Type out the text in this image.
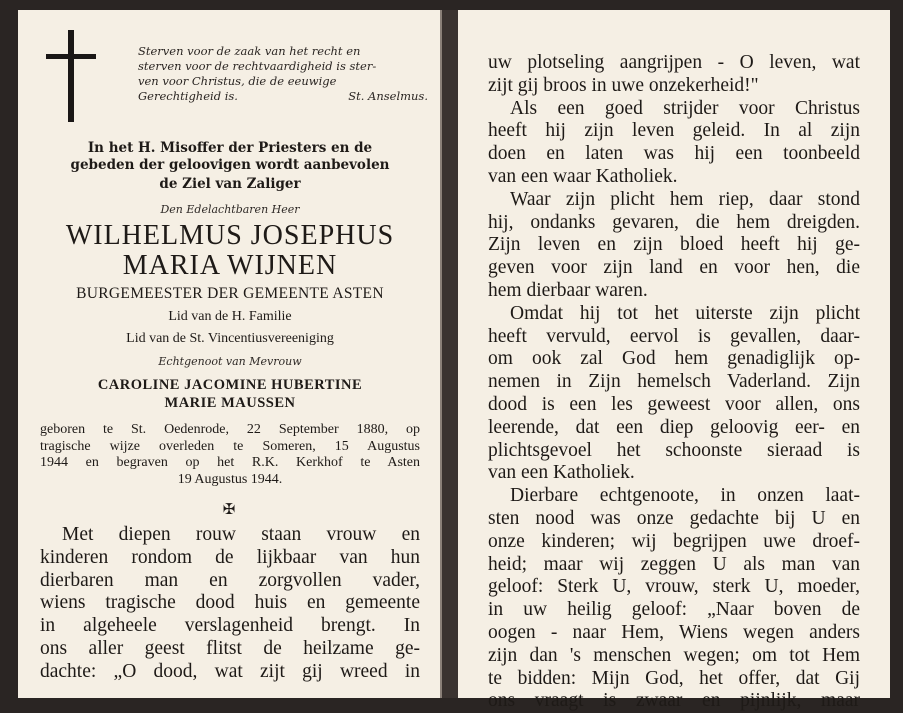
Sterven voor de zaak van het recht en
sterven voor de rechtvaardigheid is ster-
ven voor Christus, die de eeuwige
Gerechtigheid is.	St. Anselmus.
In het H. Misoffer der Priesters en de
gebeden der geloovigen wordt aanbevolen
de Ziel van Zaliger
Den Edelachtbaren Heer
WILHELMUS JOSEPHUS
MARIA WIJNEN
BURGEMEESTER DER GEMEENTE ASTEN
Lid van de H. Familie
Lid van de St. Vincentiusvereeniging
Echtgenoot van Mevrouw
CAROLINE JACOMINE HUBERTINE
MARIE MAUSSEN
geboren te St. Oedenrode, 22 September 1880, op
tragische wijze overleden te Someren, 15 Augustus
1944 en begraven op het R.K. Kerkhof te Asten
19 Augustus 1944.
✠
Met diepen rouw staan vrouw en
kinderen rondom de lijkbaar van hun
dierbaren man en zorgvollen vader,
wiens tragische dood huis en gemeente
in algeheele verslagenheid brengt. In
ons aller geest flitst de heilzame ge-
dachte: „O dood, wat zijt gij wreed in
uw plotseling aangrijpen - O leven, wat
zijt gij broos in uwe onzekerheid!"
Als een goed strijder voor Christus
heeft hij zijn leven geleid. In al zijn
doen en laten was hij een toonbeeld
van een waar Katholiek.
Waar zijn plicht hem riep, daar stond
hij, ondanks gevaren, die hem dreigden.
Zijn leven en zijn bloed heeft hij ge-
geven voor zijn land en voor hen, die
hem dierbaar waren.
Omdat hij tot het uiterste zijn plicht
heeft vervuld, eervol is gevallen, daar-
om ook zal God hem genadiglijk op-
nemen in Zijn hemelsch Vaderland. Zijn
dood is een les geweest voor allen, ons
leerende, dat een diep geloovig eer- en
plichtsgevoel het schoonste sieraad is
van een Katholiek.
Dierbare echtgenoote, in onzen laat-
sten nood was onze gedachte bij U en
onze kinderen; wij begrijpen uwe droef-
heid; maar wij zeggen U als man van
geloof: Sterk U, vrouw, sterk U, moeder,
in uw heilig geloof: „Naar boven de
oogen - naar Hem, Wiens wegen anders
zijn dan 's menschen wegen; om tot Hem
te bidden: Mijn God, het offer, dat Gij
ons vraagt is zwaar en pijnlijk, maar
